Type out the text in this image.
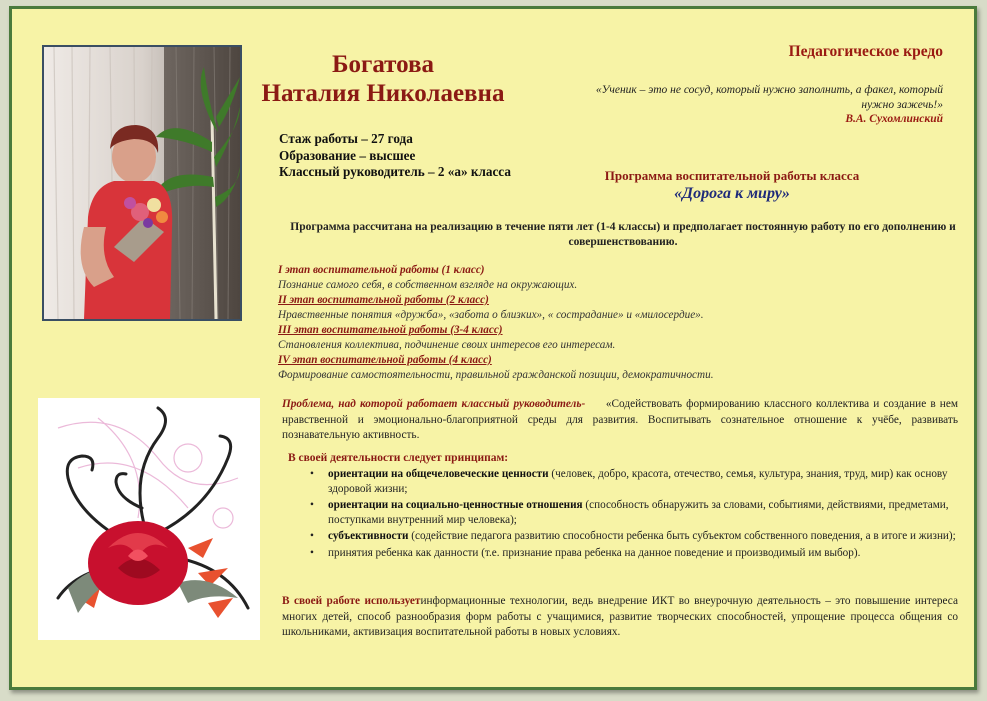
Богатова
Наталия Николаевна
Стаж работы – 27 года
Образование – высшее
Классный руководитель – 2 «а» класса
Педагогическое кредо
«Ученик – это не сосуд, который нужно заполнить, а факел, который нужно зажечь!»
В.А. Сухомлинский
Программа воспитательной работы класса
«Дорога к миру»
Программа рассчитана на реализацию в течение пяти лет (1-4 классы) и предполагает постоянную работу по его дополнению и совершенствованию.
I этап воспитательной работы (1 класс)
Познание самого себя, в собственном взгляде на окружающих.
II этап воспитательной работы (2 класс)
Нравственные понятия «дружба», «забота о близких», « сострадание» и «милосердие».
III этап воспитательной работы (3-4 класс)
Становления коллектива, подчинение своих интересов его интересам.
IV этап воспитательной работы (4 класс)
Формирование самостоятельности, правильной гражданской позиции, демократичности.
Проблема, над которой работает классный руководитель- «Содействовать формированию классного коллектива и создание в нем нравственной и эмоционально-благоприятной среды для развития. Воспитывать сознательное отношение к учёбе, развивать познавательную активность.
В своей деятельности следует принципам:
• ориентации на общечеловеческие ценности (человек, добро, красота, отечество, семья, культура, знания, труд, мир) как основу здоровой жизни;
• ориентации на социально-ценностные отношения (способность обнаружить за словами, событиями, действиями, предметами, поступками внутренний мир человека);
• субъективности (содействие педагога развитию способности ребенка быть субъектом собственного поведения, а в итоге и жизни);
• принятия ребенка как данности (т.е. признание права ребенка на данное поведение и производимый им выбор).
В своей работе используетинформационные технологии, ведь внедрение ИКТ во внеурочную деятельность – это повышение интереса многих детей, способ разнообразия форм работы с учащимися, развитие творческих способностей, упрощение процесса общения со школьниками, активизация воспитательной работы в новых условиях.
